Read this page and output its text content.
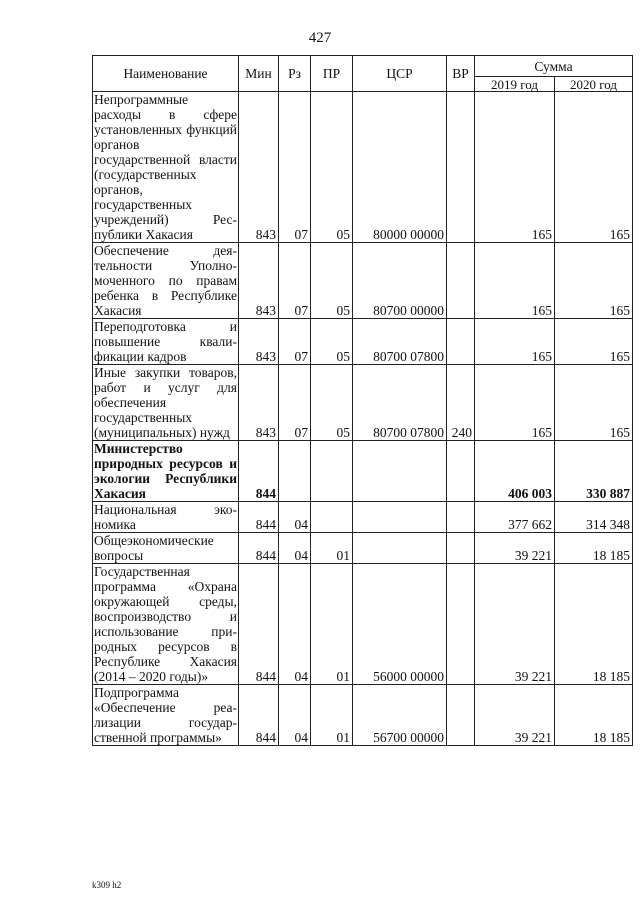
427
Наименование	Мин	Рз	ПР	ЦСР	ВР	Сумма	
						2019 год	2020 год
Непрограммные расходы в сфере установленных функций органов государственной власти (государственных органов, государственных учреждений) Республики Хакасия	843	07	05	80000 00000		165	165
Обеспечение деятельности Уполномоченного по правам ребенка в Республике Хакасия	843	07	05	80700 00000		165	165
Переподготовка и повышение квалификации кадров	843	07	05	80700 07800		165	165
Иные закупки товаров, работ и услуг для обеспечения государственных (муниципальных) нужд	843	07	05	80700 07800	240	165	165
Министерство природных ресурсов и экологии Республики Хакасия	844					406 003	330 887
Национальная экономика	844	04				377 662	314 348
Общеэкономические вопросы	844	04	01			39 221	18 185
Государственная программа «Охрана окружающей среды, воспроизводство и использование природных ресурсов в Республике Хакасия (2014 – 2020 годы)»	844	04	01	56000 00000		39 221	18 185
Подпрограмма «Обеспечение реализации государственной программы»	844	04	01	56700 00000		39 221	18 185
k309 h2
